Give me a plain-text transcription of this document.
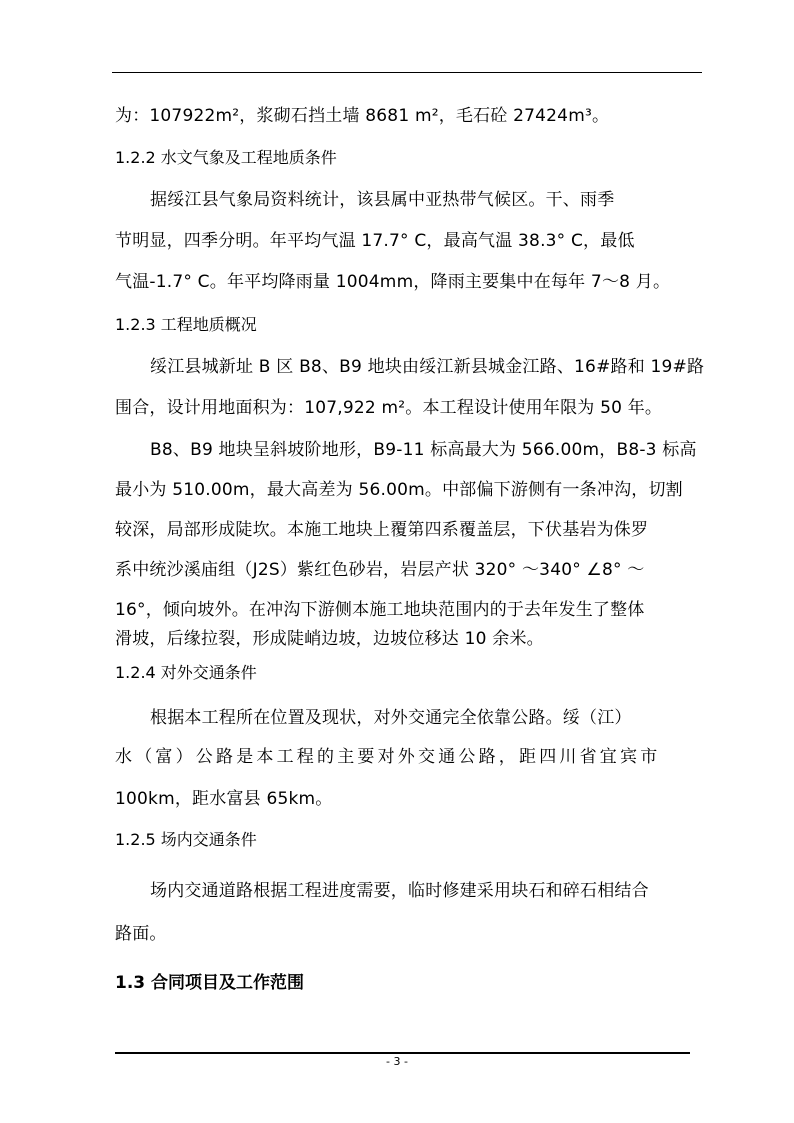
为：107922m²，浆砌石挡土墙 8681 m²，毛石砼 27424m³。
1.2.2 水文气象及工程地质条件
据绥江县气象局资料统计，该县属中亚热带气候区。干、雨季
节明显，四季分明。年平均气温 17.7° C，最高气温 38.3° C，最低
气温-1.7° C。年平均降雨量 1004mm，降雨主要集中在每年 7～8 月。
1.2.3 工程地质概况
绥江县城新址 B 区 B8、B9 地块由绥江新县城金江路、16#路和 19#路
围合，设计用地面积为：107,922 m²。本工程设计使用年限为 50 年。
B8、B9 地块呈斜坡阶地形，B9-11 标高最大为 566.00m，B8-3 标高
最小为 510.00m，最大高差为 56.00m。中部偏下游侧有一条冲沟，切割
较深，局部形成陡坎。本施工地块上覆第四系覆盖层，下伏基岩为侏罗
系中统沙溪庙组（J2S）紫红色砂岩，岩层产状 320° ～340° ∠8° ～
16°，倾向坡外。在冲沟下游侧本施工地块范围内的于去年发生了整体
滑坡，后缘拉裂，形成陡峭边坡，边坡位移达 10 余米。
1.2.4 对外交通条件
根据本工程所在位置及现状，对外交通完全依靠公路。绥（江）
水（富）公路是本工程的主要对外交通公路，距四川省宜宾市
100km，距水富县 65km。
1.2.5 场内交通条件
场内交通道路根据工程进度需要，临时修建采用块石和碎石相结合
路面。
1.3 合同项目及工作范围
- 3 -
